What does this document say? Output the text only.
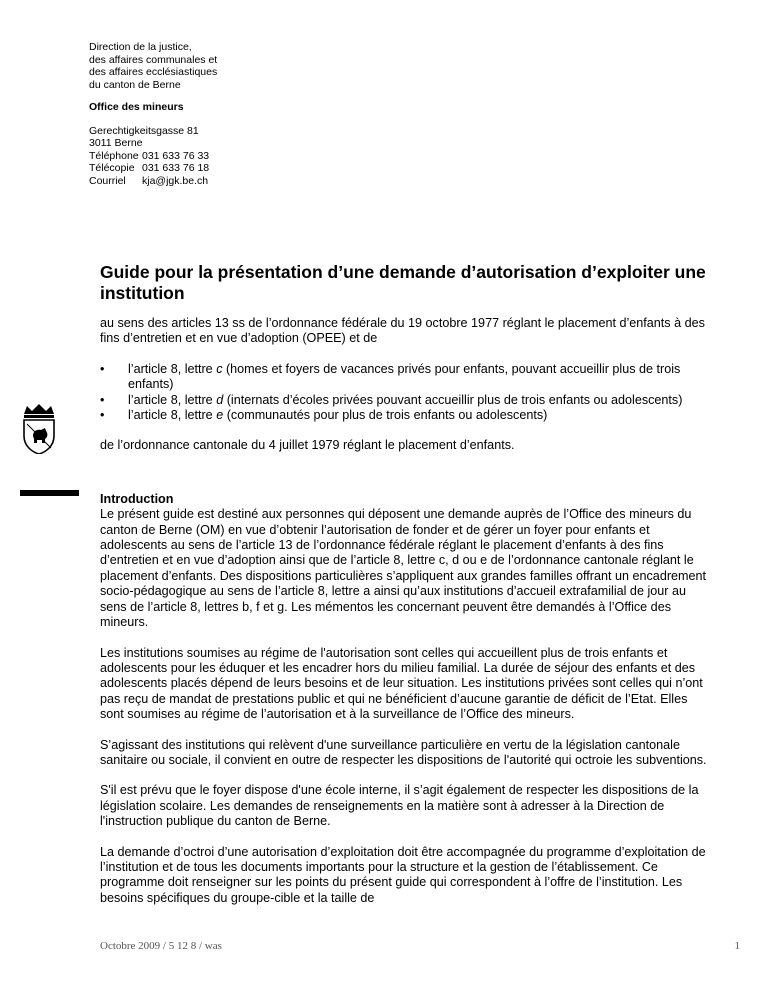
Direction de la justice,
des affaires communales et
des affaires ecclésiastiques
du canton de Berne
Office des mineurs
Gerechtigkeitsgasse 81
3011 Berne
Téléphone 031 633 76 33
Télécopie 031 633 76 18
Courriel	kja@jgk.be.ch
Guide pour la présentation d’une demande d’autorisation d’exploiter une institution

au sens des articles 13 ss de l’ordonnance fédérale du 19 octobre 1977 réglant le placement d’enfants à des fins d’entretien et en vue d’adoption (OPEE) et de

• l’article 8, lettre c (homes et foyers de vacances privés pour enfants, pouvant accueillir plus de trois enfants)
• l’article 8, lettre d (internats d’écoles privées pouvant accueillir plus de trois enfants ou adolescents)
• l’article 8, lettre e (communautés pour plus de trois enfants ou adolescents)

de l’ordonnance cantonale du 4 juillet 1979 réglant le placement d’enfants.

Introduction

Le présent guide est destiné aux personnes qui déposent une demande auprès de l’Office des mineurs du canton de Berne (OM) en vue d’obtenir l’autorisation de fonder et de gérer un foyer pour enfants et adolescents au sens de l’article 13 de l’ordonnance fédérale réglant le placement d’enfants à des fins d’entretien et en vue d’adoption ainsi que de l’article 8, lettre c, d ou e de l’ordonnance cantonale réglant le placement d’enfants. Des dispositions particulières s’appliquent aux grandes familles offrant un encadrement socio-pédagogique au sens de l’article 8, lettre a ainsi qu’aux institutions d’accueil extrafamilial de jour au sens de l’article 8, lettres b, f et g. Les mémentos les concernant peuvent être demandés à l’Office des mineurs.

Les institutions soumises au régime de l'autorisation sont celles qui accueillent plus de trois enfants et adolescents pour les éduquer et les encadrer hors du milieu familial. La durée de séjour des enfants et des adolescents placés dépend de leurs besoins et de leur situation. Les institutions privées sont celles qui n’ont pas reçu de mandat de prestations public et qui ne bénéficient d’aucune garantie de déficit de l’Etat. Elles sont soumises au régime de l’autorisation et à la surveillance de l’Office des mineurs.

S’agissant des institutions qui relèvent d'une surveillance particulière en vertu de la législation cantonale sanitaire ou sociale, il convient en outre de respecter les dispositions de l'autorité qui octroie les subventions.

S'il est prévu que le foyer dispose d'une école interne, il s’agit également de respecter les dispositions de la législation scolaire. Les demandes de renseignements en la matière sont à adresser à la Direction de l'instruction publique du canton de Berne.

La demande d’octroi d’une autorisation d’exploitation doit être accompagnée du programme d’exploitation de l’institution et de tous les documents importants pour la structure et la gestion de l’établissement. Ce programme doit renseigner sur les points du présent guide qui correspondent à l’offre de l’institution. Les besoins spécifiques du groupe-cible et la taille de

Octobre 2009 / 5 12 8 / was	1
